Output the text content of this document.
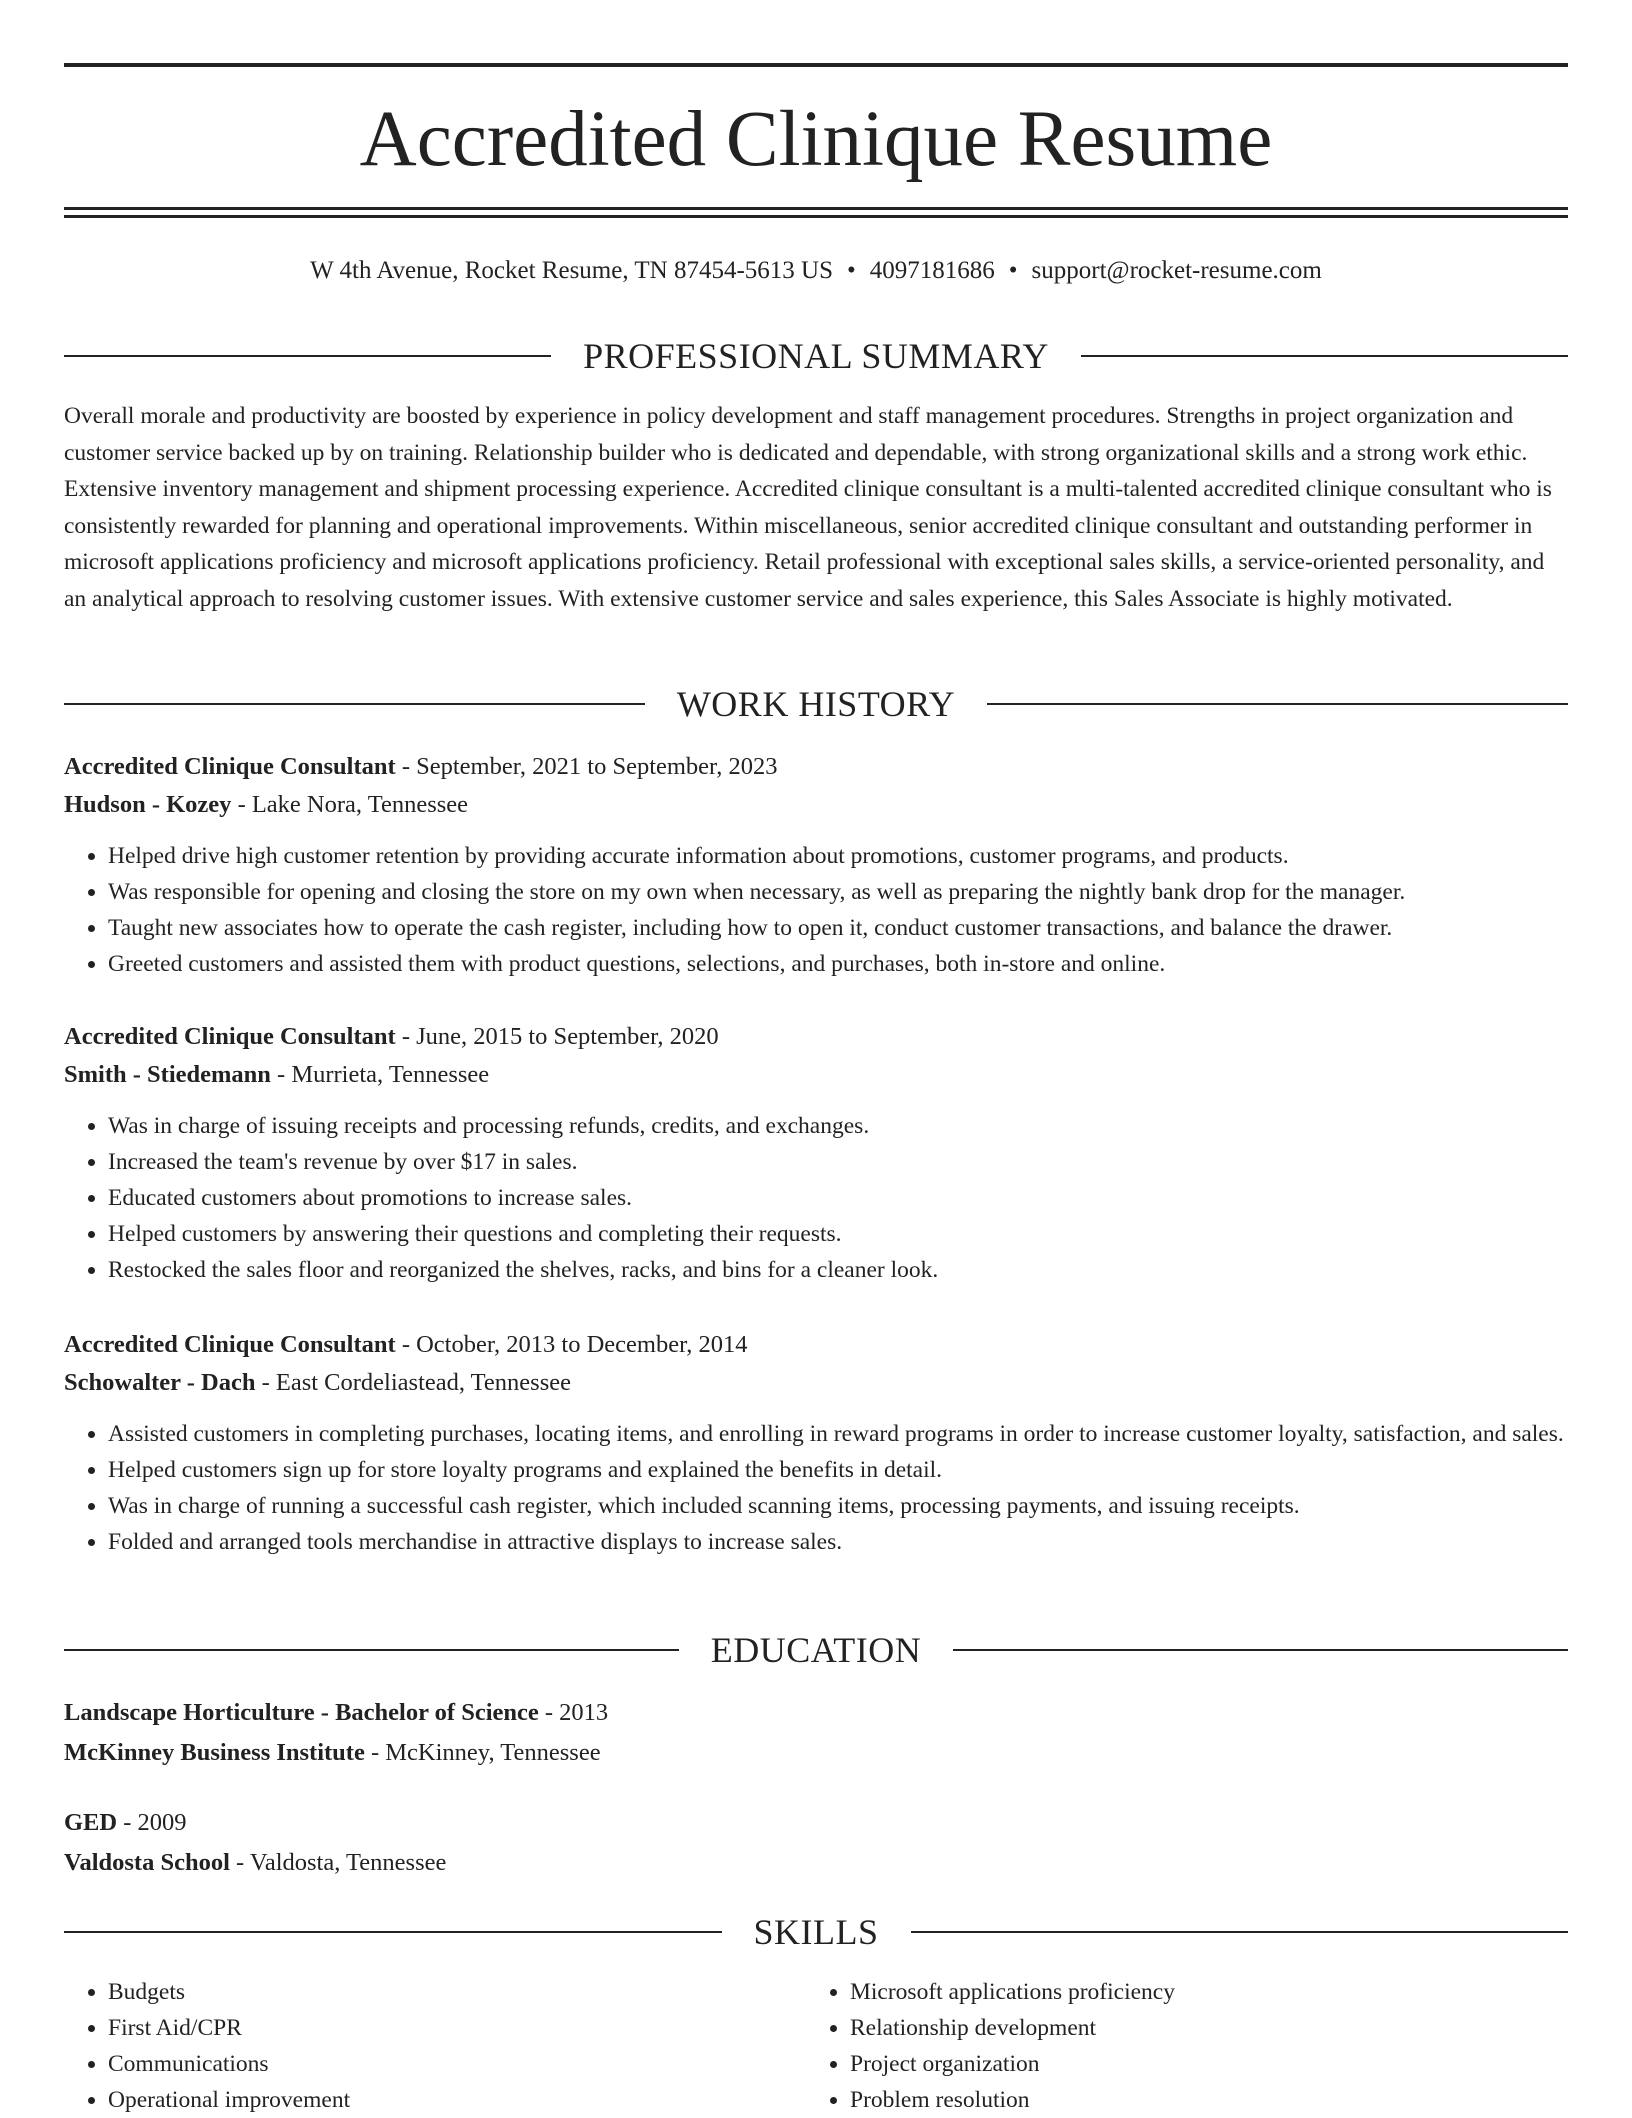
Accredited Clinique Resume
W 4th Avenue, Rocket Resume, TN 87454-5613 US • 4097181686 • support@rocket-resume.com
PROFESSIONAL SUMMARY

Overall morale and productivity are boosted by experience in policy development and staff management procedures. Strengths in project organization and customer service backed up by on training. Relationship builder who is dedicated and dependable, with strong organizational skills and a strong work ethic. Extensive inventory management and shipment processing experience. Accredited clinique consultant is a multi-talented accredited clinique consultant who is consistently rewarded for planning and operational improvements. Within miscellaneous, senior accredited clinique consultant and outstanding performer in microsoft applications proficiency and microsoft applications proficiency. Retail professional with exceptional sales skills, a service-oriented personality, and an analytical approach to resolving customer issues. With extensive customer service and sales experience, this Sales Associate is highly motivated.

WORK HISTORY
Accredited Clinique Consultant - September, 2021 to September, 2023
Hudson - Kozey - Lake Nora, Tennessee
• Helped drive high customer retention by providing accurate information about promotions, customer programs, and products.
• Was responsible for opening and closing the store on my own when necessary, as well as preparing the nightly bank drop for the manager.
• Taught new associates how to operate the cash register, including how to open it, conduct customer transactions, and balance the drawer.
• Greeted customers and assisted them with product questions, selections, and purchases, both in-store and online.
Accredited Clinique Consultant - June, 2015 to September, 2020
Smith - Stiedemann - Murrieta, Tennessee
• Was in charge of issuing receipts and processing refunds, credits, and exchanges.
• Increased the team's revenue by over $17 in sales.
• Educated customers about promotions to increase sales.
• Helped customers by answering their questions and completing their requests.
• Restocked the sales floor and reorganized the shelves, racks, and bins for a cleaner look.
Accredited Clinique Consultant - October, 2013 to December, 2014
Schowalter - Dach - East Cordeliastead, Tennessee
• Assisted customers in completing purchases, locating items, and enrolling in reward programs in order to increase customer loyalty, satisfaction, and sales.
• Helped customers sign up for store loyalty programs and explained the benefits in detail.
• Was in charge of running a successful cash register, which included scanning items, processing payments, and issuing receipts.
• Folded and arranged tools merchandise in attractive displays to increase sales.
EDUCATION
Landscape Horticulture - Bachelor of Science - 2013
McKinney Business Institute - McKinney, Tennessee
GED - 2009
Valdosta School - Valdosta, Tennessee
SKILLS
• Budgets
• First Aid/CPR
• Communications
• Operational improvement
• Microsoft applications proficiency
• Relationship development
• Project organization
• Problem resolution
